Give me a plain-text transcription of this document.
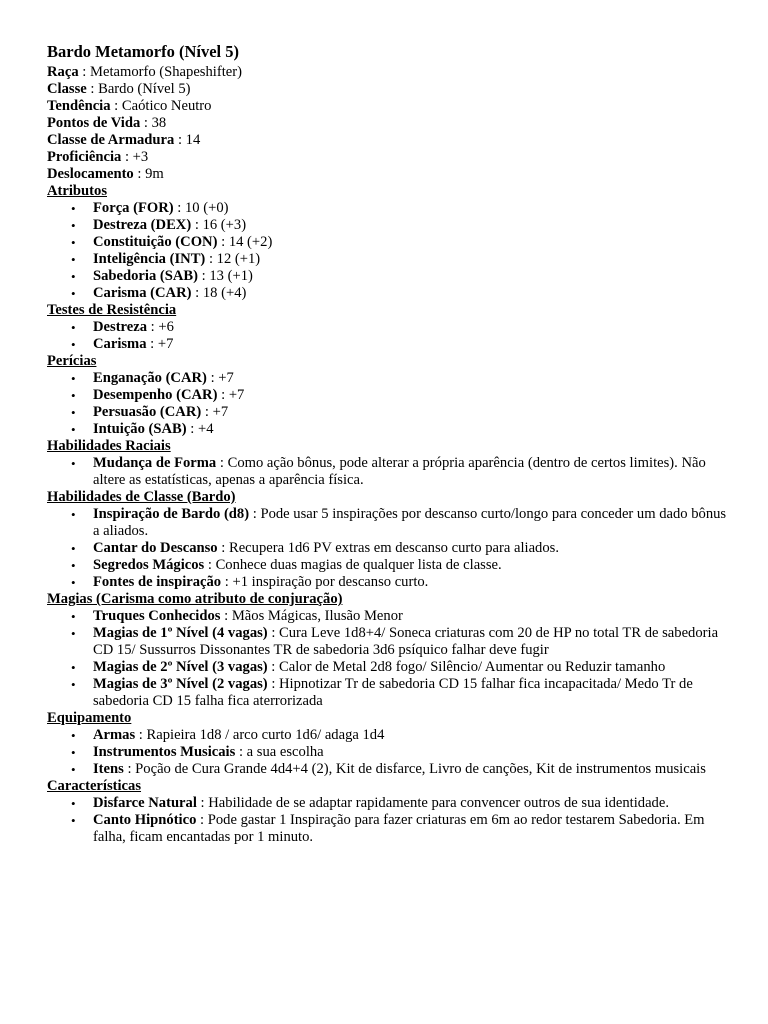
Bardo Metamorfo (Nível 5)

Raça : Metamorfo (Shapeshifter)

Classe : Bardo (Nível 5)

Tendência : Caótico Neutro

Pontos de Vida : 38

Classe de Armadura : 14

Proficiência : +3

Deslocamento : 9m

Atributos
• Força (FOR) : 10 (+0)
• Destreza (DEX) : 16 (+3)
• Constituição (CON) : 14 (+2)
• Inteligência (INT) : 12 (+1)
• Sabedoria (SAB) : 13 (+1)
• Carisma (CAR) : 18 (+4)
Testes de Resistência
• Destreza : +6
• Carisma : +7
Perícias
• Enganação (CAR) : +7
• Desempenho (CAR) : +7
• Persuasão (CAR) : +7
• Intuição (SAB) : +4
Habilidades Raciais
• Mudança de Forma : Como ação bônus, pode alterar a própria aparência (dentro de certos limites). Não altere as estatísticas, apenas a aparência física.
Habilidades de Classe (Bardo)
• Inspiração de Bardo (d8) : Pode usar 5 inspirações por descanso curto/longo para conceder um dado bônus a aliados.
• Cantar do Descanso : Recupera 1d6 PV extras em descanso curto para aliados.
• Segredos Mágicos : Conhece duas magias de qualquer lista de classe.
• Fontes de inspiração : +1 inspiração por descanso curto.
Magias (Carisma como atributo de conjuração)
• Truques Conhecidos : Mãos Mágicas, Ilusão Menor
• Magias de 1º Nível (4 vagas) : Cura Leve 1d8+4/ Soneca criaturas com 20 de HP no total TR de sabedoria CD 15/ Sussurros Dissonantes TR de sabedoria 3d6 psíquico falhar deve fugir
• Magias de 2º Nível (3 vagas) : Calor de Metal 2d8 fogo/ Silêncio/ Aumentar ou Reduzir tamanho
• Magias de 3º Nível (2 vagas) : Hipnotizar Tr de sabedoria CD 15 falhar fica incapacitada/ Medo Tr de sabedoria CD 15 falha fica aterrorizada
Equipamento
• Armas : Rapieira 1d8 / arco curto 1d6/ adaga 1d4
• Instrumentos Musicais : a sua escolha
• Itens : Poção de Cura Grande 4d4+4 (2), Kit de disfarce, Livro de canções, Kit de instrumentos musicais
Características
• Disfarce Natural : Habilidade de se adaptar rapidamente para convencer outros de sua identidade.
• Canto Hipnótico : Pode gastar 1 Inspiração para fazer criaturas em 6m ao redor testarem Sabedoria. Em falha, ficam encantadas por 1 minuto.
